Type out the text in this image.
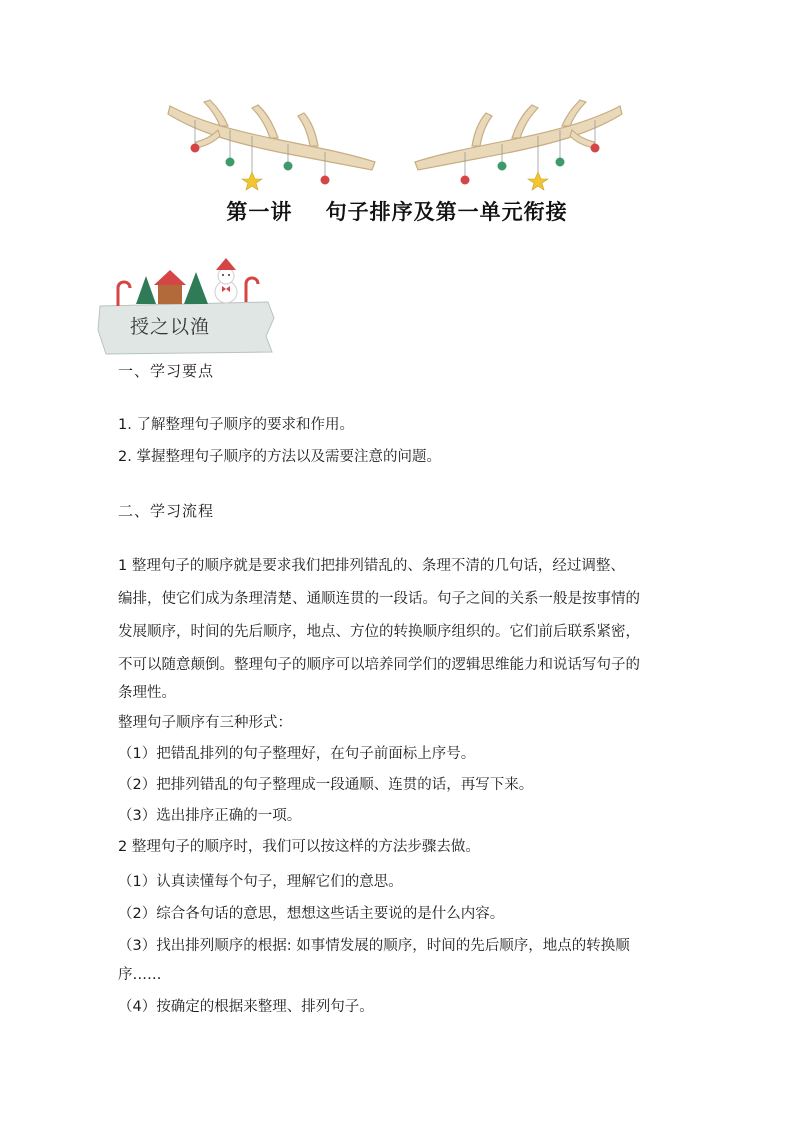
第一讲    句子排序及第一单元衔接
授之以渔
一、学习要点
1. 了解整理句子顺序的要求和作用。
2. 掌握整理句子顺序的方法以及需要注意的问题。
二、学习流程
1 整理句子的顺序就是要求我们把排列错乱的、条理不清的几句话，经过调整、
编排，使它们成为条理清楚、通顺连贯的一段话。句子之间的关系一般是按事情的
发展顺序，时间的先后顺序，地点、方位的转换顺序组织的。它们前后联系紧密，
不可以随意颠倒。整理句子的顺序可以培养同学们的逻辑思维能力和说话写句子的
条理性。
整理句子顺序有三种形式：
（1）把错乱排列的句子整理好，在句子前面标上序号。
（2）把排列错乱的句子整理成一段通顺、连贯的话，再写下来。
（3）选出排序正确的一项。
2 整理句子的顺序时，我们可以按这样的方法步骤去做。
（1）认真读懂每个句子，理解它们的意思。
（2）综合各句话的意思，想想这些话主要说的是什么内容。
（3）找出排列顺序的根据: 如事情发展的顺序，时间的先后顺序，地点的转换顺
序……
（4）按确定的根据来整理、排列句子。
